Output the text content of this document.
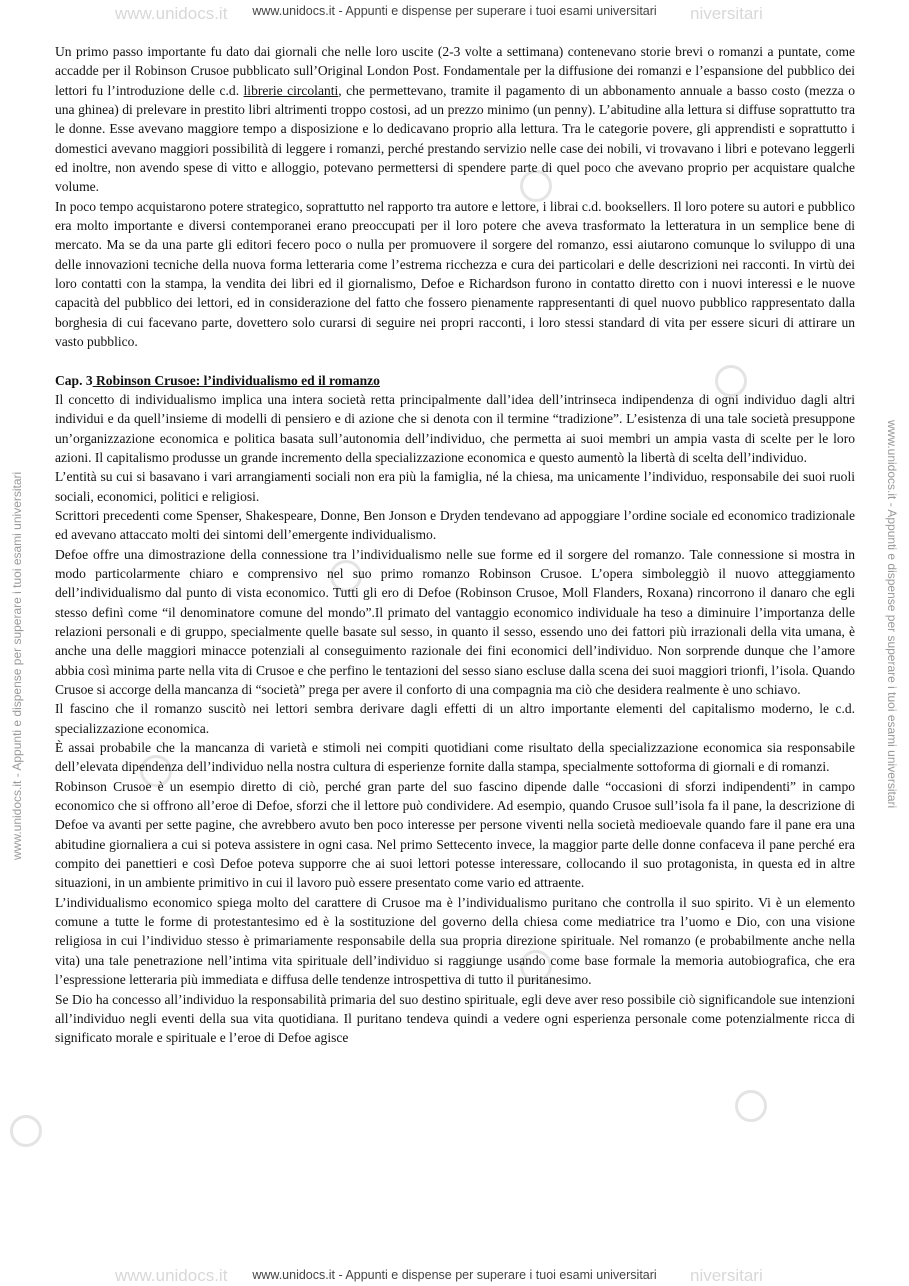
www.unidocs.it	niversitari
www.unidocs.it	niversitari
www.unidocs.it - Appunti e dispense per superare i tuoi esami universitari
www.unidocs.it - Appunti e dispense per superare i tuoi esami universitari	www.unidocs.it - Appunti e dispense per superare i tuoi esami universitari

Un primo passo importante fu dato dai giornali che nelle loro uscite (2-3 volte a settimana) contenevano storie brevi o romanzi a puntate, come accadde per il Robinson Crusoe pubblicato sull’Original London Post. Fondamentale per la diffusione dei romanzi e l’espansione del pubblico dei lettori fu l’introduzione delle c.d. librerie circolanti, che permettevano, tramite il pagamento di un abbonamento annuale a basso costo (mezza o una ghinea) di prelevare in prestito libri altrimenti troppo costosi, ad un prezzo minimo (un penny). L’abitudine alla lettura si diffuse soprattutto tra le donne. Esse avevano maggiore tempo a disposizione e lo dedicavano proprio alla lettura. Tra le categorie povere, gli apprendisti e soprattutto i domestici avevano maggiori possibilità di leggere i romanzi, perché prestando servizio nelle case dei nobili, vi trovavano i libri e potevano leggerli ed inoltre, non avendo spese di vitto e alloggio, potevano permettersi di spendere parte di quel poco che avevano proprio per acquistare qualche volume.

In poco tempo acquistarono potere strategico, soprattutto nel rapporto tra autore e lettore, i librai c.d. booksellers. Il loro potere su autori e pubblico era molto importante e diversi contemporanei erano preoccupati per il loro potere che aveva trasformato la letteratura in un semplice bene di mercato. Ma se da una parte gli editori fecero poco o nulla per promuovere il sorgere del romanzo, essi aiutarono comunque lo sviluppo di una delle innovazioni tecniche della nuova forma letteraria come l’estrema ricchezza e cura dei particolari e delle descrizioni nei racconti. In virtù dei loro contatti con la stampa, la vendita dei libri ed il giornalismo, Defoe e Richardson furono in contatto diretto con i nuovi interessi e le nuove capacità del pubblico dei lettori, ed in considerazione del fatto che fossero pienamente rappresentanti di quel nuovo pubblico rappresentato dalla borghesia di cui facevano parte, dovettero solo curarsi di seguire nei propri racconti, i loro stessi standard di vita per essere sicuri di attirare un vasto pubblico.

Cap. 3 Robinson Crusoe: l’individualismo ed il romanzo

Il concetto di individualismo implica una intera società retta principalmente dall’idea dell’intrinseca indipendenza di ogni individuo dagli altri individui e da quell’insieme di modelli di pensiero e di azione che si denota con il termine “tradizione”. L’esistenza di una tale società presuppone un’organizzazione economica e politica basata sull’autonomia dell’individuo, che permetta ai suoi membri un ampia vasta di scelte per le loro azioni. Il capitalismo produsse un grande incremento della specializzazione economica e questo aumentò la libertà di scelta dell’individuo.

L’entità su cui si basavano i vari arrangiamenti sociali non era più la famiglia, né la chiesa, ma unicamente l’individuo, responsabile dei suoi ruoli sociali, economici, politici e religiosi.

Scrittori precedenti come Spenser, Shakespeare, Donne, Ben Jonson e Dryden tendevano ad appoggiare l’ordine sociale ed economico tradizionale ed avevano attaccato molti dei sintomi dell’emergente individualismo.

Defoe offre una dimostrazione della connessione tra l’individualismo nelle sue forme ed il sorgere del romanzo. Tale connessione si mostra in modo particolarmente chiaro e comprensivo nel suo primo romanzo Robinson Crusoe. L’opera simboleggiò il nuovo atteggiamento dell’individualismo dal punto di vista economico. Tutti gli ero di Defoe (Robinson Crusoe, Moll Flanders, Roxana) rincorrono il danaro che egli stesso definì come “il denominatore comune del mondo”.Il primato del vantaggio economico individuale ha teso a diminuire l’importanza delle relazioni personali e di gruppo, specialmente quelle basate sul sesso, in quanto il sesso, essendo uno dei fattori più irrazionali della vita umana, è anche una delle maggiori minacce potenziali al conseguimento razionale dei fini economici dell’individuo. Non sorprende dunque che l’amore abbia così minima parte nella vita di Crusoe e che perfino le tentazioni del sesso siano escluse dalla scena dei suoi maggiori trionfi, l’isola. Quando Crusoe si accorge della mancanza di “società” prega per avere il conforto di una compagnia ma ciò che desidera realmente è uno schiavo.

Il fascino che il romanzo suscitò nei lettori sembra derivare dagli effetti di un altro importante elementi del capitalismo moderno, le c.d. specializzazione economica.

È assai probabile che la mancanza di varietà e stimoli nei compiti quotidiani come risultato della specializzazione economica sia responsabile dell’elevata dipendenza dell’individuo nella nostra cultura di esperienze fornite dalla stampa, specialmente sottoforma di giornali e di romanzi.

Robinson Crusoe è un esempio diretto di ciò, perché gran parte del suo fascino dipende dalle “occasioni di sforzi indipendenti” in campo economico che si offrono all’eroe di Defoe, sforzi che il lettore può condividere. Ad esempio, quando Crusoe sull’isola fa il pane, la descrizione di Defoe va avanti per sette pagine, che avrebbero avuto ben poco interesse per persone viventi nella società medioevale quando fare il pane era una abitudine giornaliera a cui si poteva assistere in ogni casa. Nel primo Settecento invece, la maggior parte delle donne confaceva il pane perché era compito dei panettieri e così Defoe poteva supporre che ai suoi lettori potesse interessare, collocando il suo protagonista, in questa ed in altre situazioni, in un ambiente primitivo in cui il lavoro può essere presentato come vario ed attraente.

L’individualismo economico spiega molto del carattere di Crusoe ma è l’individualismo puritano che controlla il suo spirito. Vi è un elemento comune a tutte le forme di protestantesimo ed è la sostituzione del governo della chiesa come mediatrice tra l’uomo e Dio, con una visione religiosa in cui l’individuo stesso è primariamente responsabile della sua propria direzione spirituale. Nel romanzo (e probabilmente anche nella vita) una tale penetrazione nell’intima vita spirituale dell’individuo si raggiunge usando come base formale la memoria autobiografica, che era l’espressione letteraria più immediata e diffusa delle tendenze introspettiva di tutto il puritanesimo.

Se Dio ha concesso all’individuo la responsabilità primaria del suo destino spirituale, egli deve aver reso possibile ciò significandole sue intenzioni all’individuo negli eventi della sua vita quotidiana. Il puritano tendeva quindi a vedere ogni esperienza personale come potenzialmente ricca di significato morale e spirituale e l’eroe di Defoe agisce

www.unidocs.it - Appunti e dispense per superare i tuoi esami universitari
